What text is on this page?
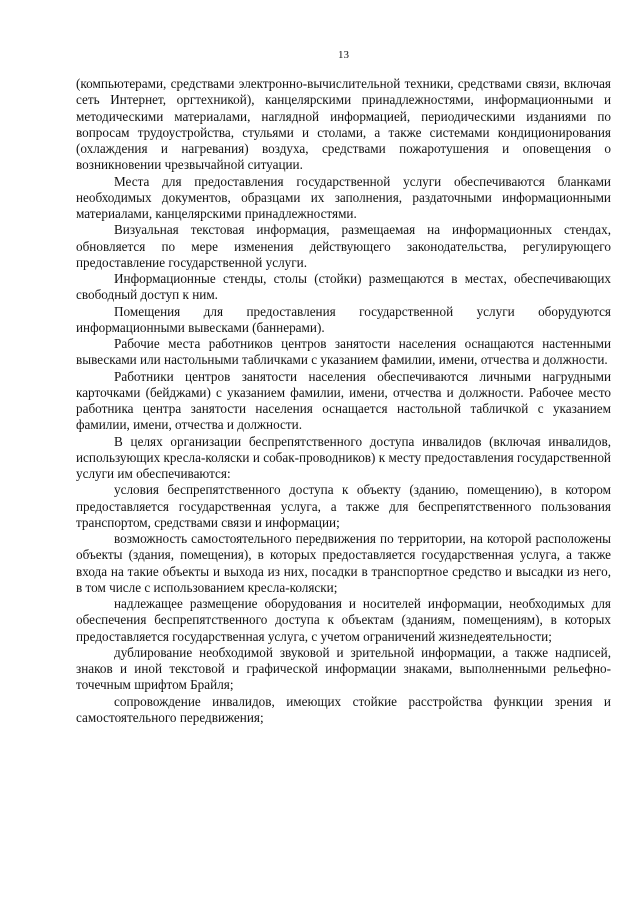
13

(компьютерами, средствами электронно-вычислительной техники, средствами связи, включая сеть Интернет, оргтехникой), канцелярскими принадлежностями, информационными и методическими материалами, наглядной информацией, периодическими изданиями по вопросам трудоустройства, стульями и столами, а также системами кондиционирования (охлаждения и нагревания) воздуха, средствами пожаротушения и оповещения о возникновении чрезвычайной ситуации.

Места для предоставления государственной услуги обеспечиваются бланками необходимых документов, образцами их заполнения, раздаточными информационными материалами, канцелярскими принадлежностями.

Визуальная текстовая информация, размещаемая на информационных стендах, обновляется по мере изменения действующего законодательства, регулирующего предоставление государственной услуги.

Информационные стенды, столы (стойки) размещаются в местах, обеспечивающих свободный доступ к ним.

Помещения для предоставления государственной услуги оборудуются информационными вывесками (баннерами).

Рабочие места работников центров занятости населения оснащаются настенными вывесками или настольными табличками с указанием фамилии, имени, отчества и должности.

Работники центров занятости населения обеспечиваются личными нагрудными карточками (бейджами) с указанием фамилии, имени, отчества и должности. Рабочее место работника центра занятости населения оснащается настольной табличкой с указанием фамилии, имени, отчества и должности.

В целях организации беспрепятственного доступа инвалидов (включая инвалидов, использующих кресла-коляски и собак-проводников) к месту предоставления государственной услуги им обеспечиваются:

условия беспрепятственного доступа к объекту (зданию, помещению), в котором предоставляется государственная услуга, а также для беспрепятственного пользования транспортом, средствами связи и информации;

возможность самостоятельного передвижения по территории, на которой расположены объекты (здания, помещения), в которых предоставляется государственная услуга, а также входа на такие объекты и выхода из них, посадки в транспортное средство и высадки из него, в том числе с использованием кресла-коляски;

надлежащее размещение оборудования и носителей информации, необходимых для обеспечения беспрепятственного доступа к объектам (зданиям, помещениям), в которых предоставляется государственная услуга, с учетом ограничений жизнедеятельности;

дублирование необходимой звуковой и зрительной информации, а также надписей, знаков и иной текстовой и графической информации знаками, выполненными рельефно-точечным шрифтом Брайля;

сопровождение инвалидов, имеющих стойкие расстройства функции зрения и самостоятельного передвижения;
